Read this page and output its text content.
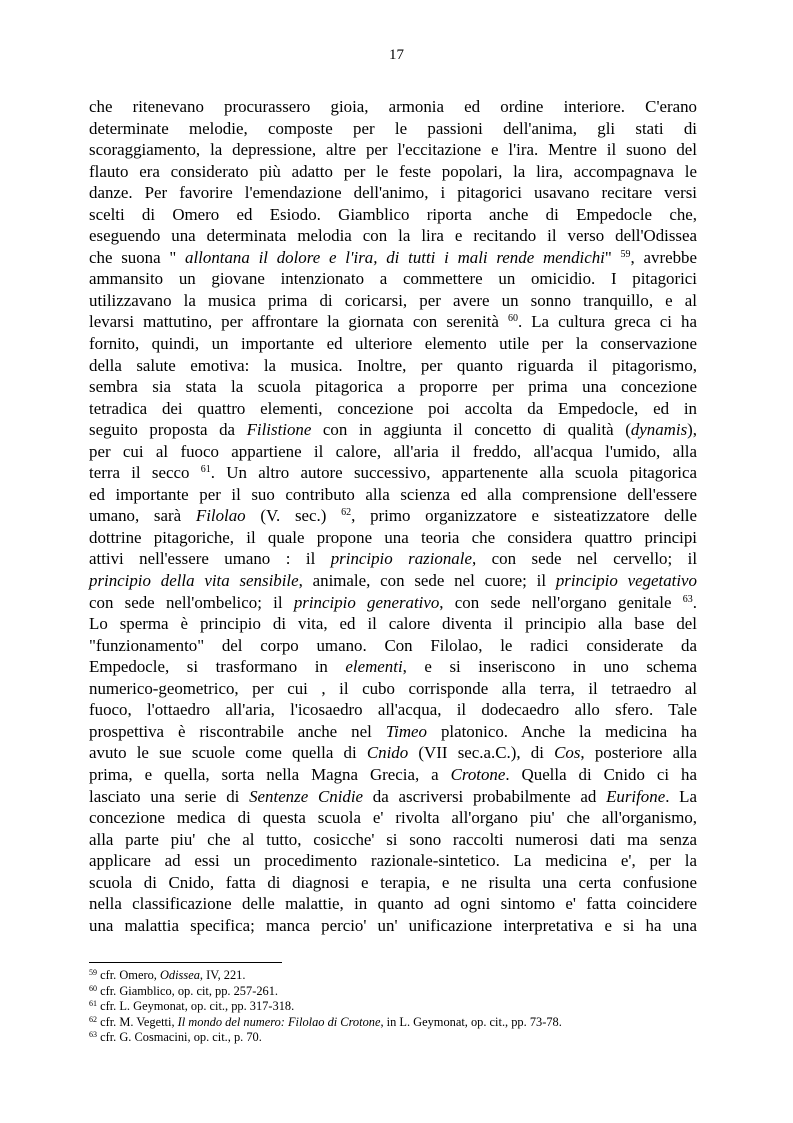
17
che ritenevano procurassero gioia, armonia ed ordine interiore. C'erano
determinate melodie, composte per le passioni dell'anima, gli stati di
scoraggiamento, la depressione, altre per l'eccitazione e l'ira. Mentre il suono del
flauto era considerato più adatto per le feste popolari, la lira, accompagnava le
danze. Per favorire l'emendazione dell'animo, i pitagorici usavano recitare versi
scelti di Omero ed Esiodo. Giamblico riporta anche di Empedocle che,
eseguendo una determinata melodia con la lira e recitando il verso dell'Odissea
che suona " allontana il dolore e l'ira, di tutti i mali rende mendichi" $^{59}$, avrebbe
ammansito un giovane intenzionato a commettere un omicidio. I pitagorici
utilizzavano la musica prima di coricarsi, per avere un sonno tranquillo, e al
levarsi mattutino, per affrontare la giornata con serenità $^{60}$. La cultura greca ci ha
fornito, quindi, un importante ed ulteriore elemento utile per la conservazione
della salute emotiva: la musica. Inoltre, per quanto riguarda il pitagorismo,
sembra sia stata la scuola pitagorica a proporre per prima una concezione
tetradica dei quattro elementi, concezione poi accolta da Empedocle, ed in
seguito proposta da Filistione con in aggiunta il concetto di qualità (dynamis),
per cui al fuoco appartiene il calore, all'aria il freddo, all'acqua l'umido, alla
terra il secco $^{61}$. Un altro autore successivo, appartenente alla scuola pitagorica
ed importante per il suo contributo alla scienza ed alla comprensione dell'essere
umano, sarà Filolao (V. sec.) $^{62}$, primo organizzatore e sisteatizzatore delle
dottrine pitagoriche, il quale propone una teoria che considera quattro principi
attivi nell'essere umano : il principio razionale, con sede nel cervello; il
principio della vita sensibile, animale, con sede nel cuore; il principio vegetativo
con sede nell'ombelico; il principio generativo, con sede nell'organo genitale $^{63}$.
Lo sperma è principio di vita, ed il calore diventa il principio alla base del
"funzionamento" del corpo umano. Con Filolao, le radici considerate da
Empedocle, si trasformano in elementi, e si inseriscono in uno schema
numerico-geometrico, per cui , il cubo corrisponde alla terra, il tetraedro al
fuoco, l'ottaedro all'aria, l'icosaedro all'acqua, il dodecaedro allo sfero. Tale
prospettiva è riscontrabile anche nel Timeo platonico. Anche la medicina ha
avuto le sue scuole come quella di Cnido (VII sec.a.C.), di Cos, posteriore alla
prima, e quella, sorta nella Magna Grecia, a Crotone. Quella di Cnido ci ha
lasciato una serie di Sentenze Cnidie da ascriversi probabilmente ad Eurifone. La
concezione medica di questa scuola e' rivolta all'organo piu' che all'organismo,
alla parte piu' che al tutto, cosicche' si sono raccolti numerosi dati ma senza
applicare ad essi un procedimento razionale-sintetico. La medicina e', per la
scuola di Cnido, fatta di diagnosi e terapia, e ne risulta una certa confusione
nella classificazione delle malattie, in quanto ad ogni sintomo e' fatta coincidere
una malattia specifica; manca percio' un' unificazione interpretativa e si ha una
$^{59}$ cfr. Omero, Odissea, IV, 221.
$^{60}$ cfr. Giamblico, op. cit, pp. 257-261.
$^{61}$ cfr. L. Geymonat, op. cit., pp. 317-318.
$^{62}$ cfr. M. Vegetti, Il mondo del numero: Filolao di Crotone, in L. Geymonat, op. cit., pp. 73-78.
$^{63}$ cfr. G. Cosmacini, op. cit., p. 70.
